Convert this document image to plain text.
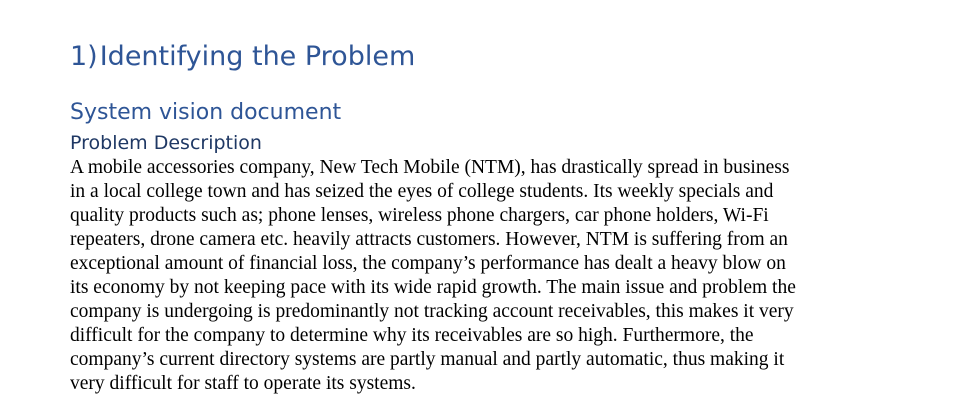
1)Identifying the Problem
System vision document
Problem Description

A mobile accessories company, New Tech Mobile (NTM), has drastically spread in business
in a local college town and has seized the eyes of college students. Its weekly specials and
quality products such as; phone lenses, wireless phone chargers, car phone holders, Wi-Fi
repeaters, drone camera etc. heavily attracts customers. However, NTM is suffering from an
exceptional amount of financial loss, the company’s performance has dealt a heavy blow on
its economy by not keeping pace with its wide rapid growth. The main issue and problem the
company is undergoing is predominantly not tracking account receivables, this makes it very
difficult for the company to determine why its receivables are so high. Furthermore, the
company’s current directory systems are partly manual and partly automatic, thus making it
very difficult for staff to operate its systems.
